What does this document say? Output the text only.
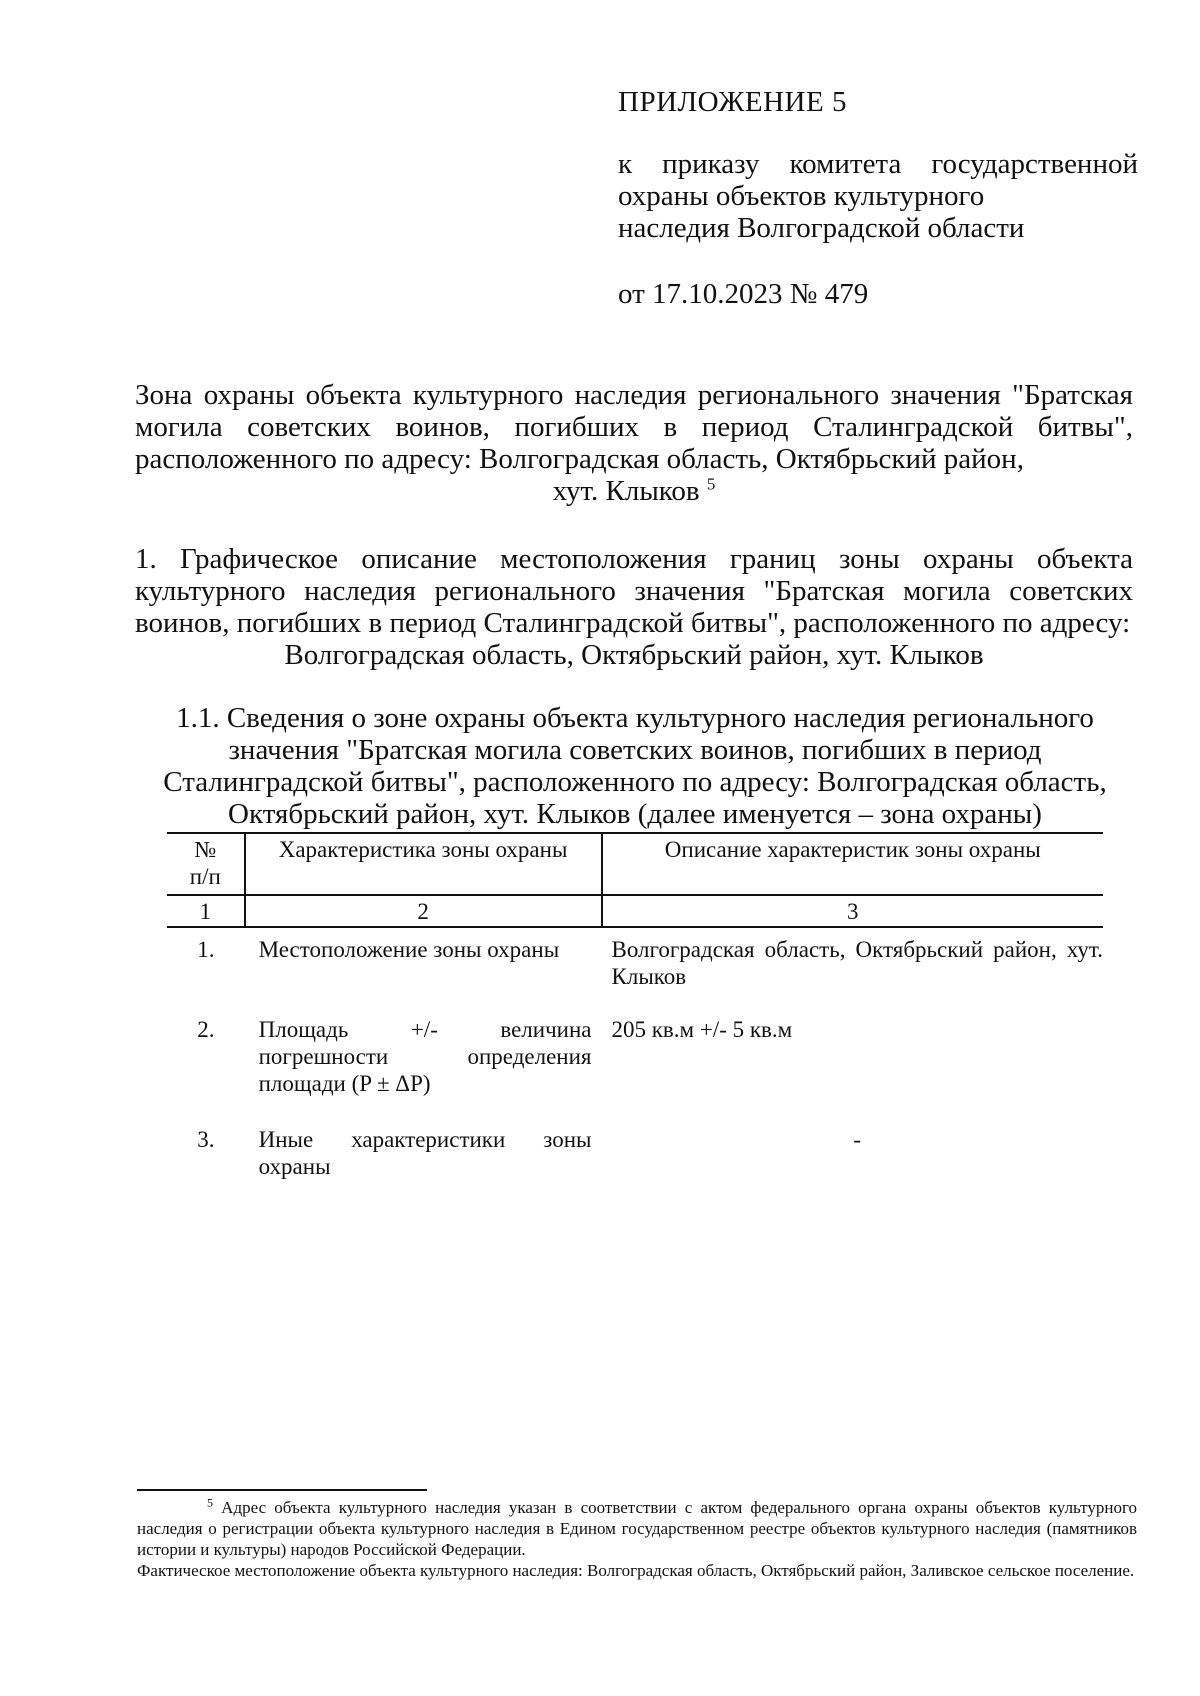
ПРИЛОЖЕНИЕ 5

к приказу комитета государственной
охраны объектов культурного
наследия Волгоградской области

от 17.10.2023 № 479

Зона охраны объекта культурного наследия регионального значения "Братская могила советских воинов, погибших в период Сталинградской битвы", расположенного по адресу: Волгоградская область, Октябрьский район,
хут. Клыков $^5$

1. Графическое описание местоположения границ зоны охраны объекта культурного наследия регионального значения "Братская могила советских воинов, погибших в период Сталинградской битвы", расположенного по адресу:
Волгоградская область, Октябрьский район, хут. Клыков

1.1. Сведения о зоне охраны объекта культурного наследия регионального значения "Братская могила советских воинов, погибших в период Сталинградской битвы", расположенного по адресу: Волгоградская область, Октябрьский район, хут. Клыков (далее именуется – зона охраны)

№
п/п	Характеристика зоны охраны	Описание характеристик зоны охраны
1	2	3
1.	Местоположение зоны охраны	Волгоградская область, Октябрьский район, хут. Клыков
2.	Площадь +/- величина погрешности определения площади (P ± ΔP)	205 кв.м +/- 5 кв.м
3.	Иные характеристики зоны охраны	-

$^5$ Адрес объекта культурного наследия указан в соответствии с актом федерального органа охраны объектов культурного наследия о регистрации объекта культурного наследия в Едином государственном реестре объектов культурного наследия (памятников истории и культуры) народов Российской Федерации.

Фактическое местоположение объекта культурного наследия: Волгоградская область, Октябрьский район, Заливское сельское поселение.
